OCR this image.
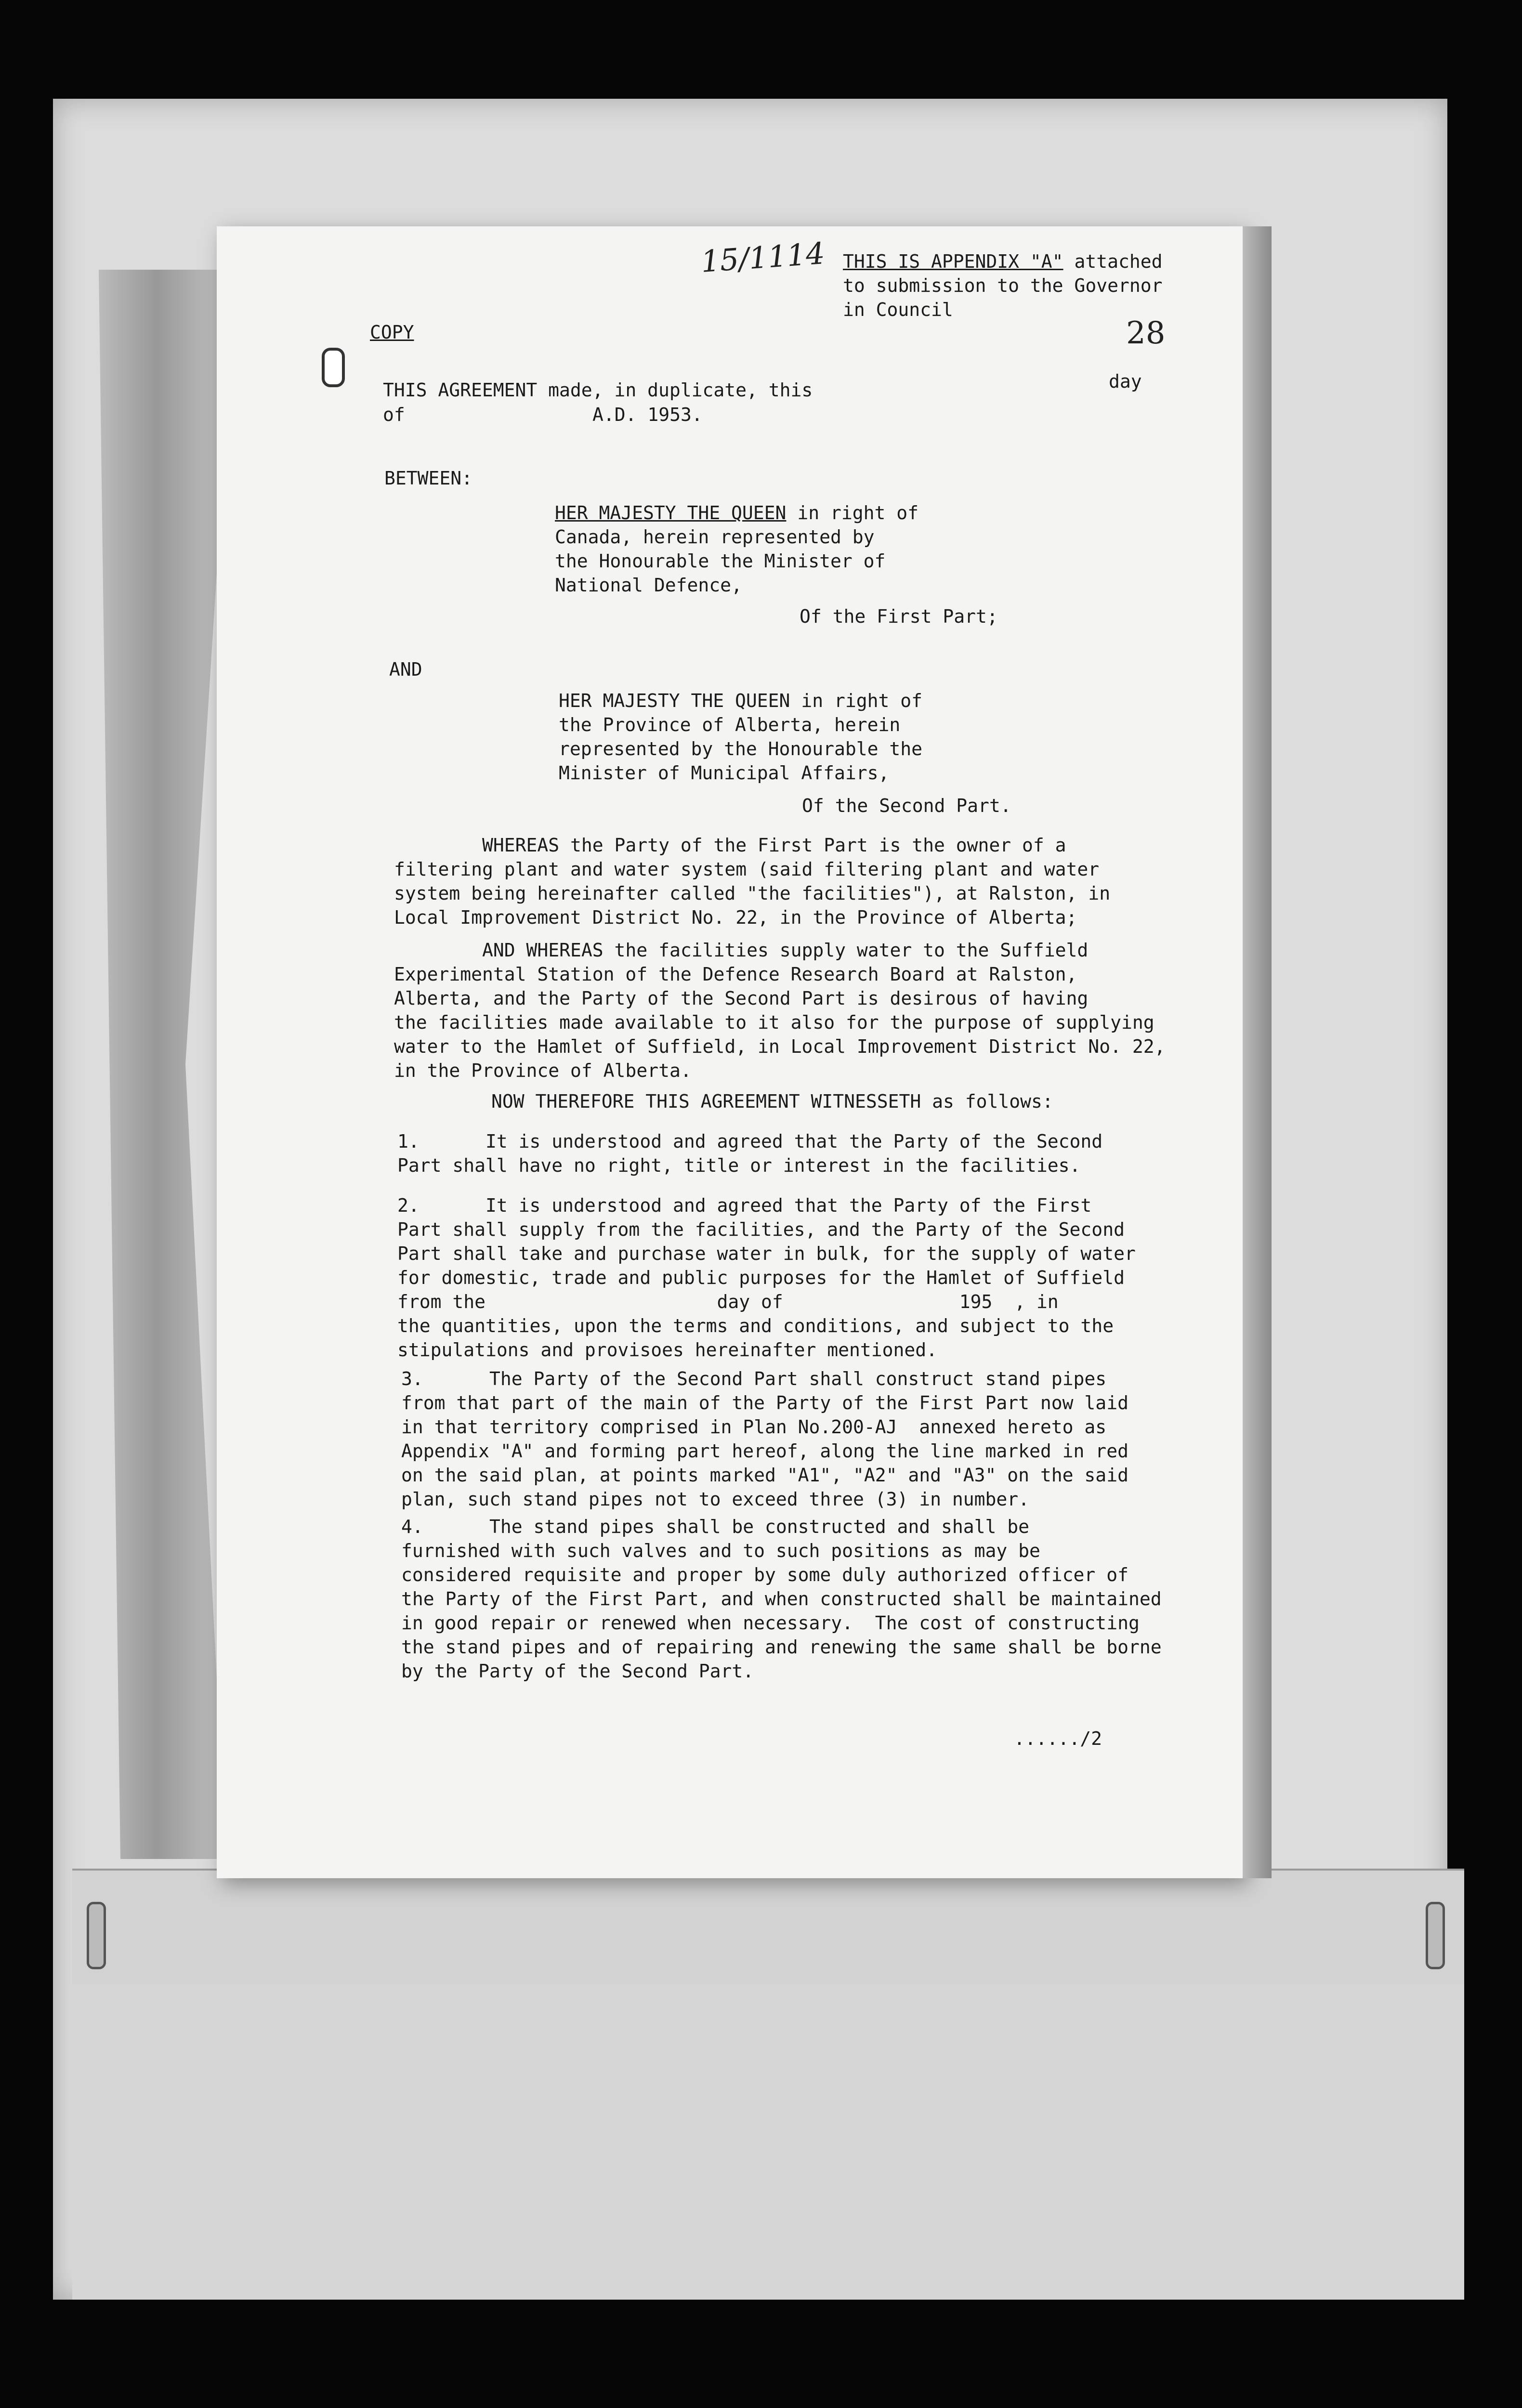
15/1114 THIS IS APPENDIX "A" attached
to submission to the Governor
in Council
COPY	28
day
THIS AGREEMENT made, in duplicate, this
of	A.D. 1953.
BETWEEN:
HER MAJESTY THE QUEEN in right of
Canada, herein represented by
the Honourable the Minister of
National Defence,
Of the First Part;
AND
HER MAJESTY THE QUEEN in right of
the Province of Alberta, herein
represented by the Honourable the
Minister of Municipal Affairs,
Of the Second Part.
WHEREAS the Party of the First Part is the owner of a
filtering plant and water system (said filtering plant and water
system being hereinafter called "the facilities"), at Ralston, in
Local Improvement District No. 22, in the Province of Alberta;
AND WHEREAS the facilities supply water to the Suffield
Experimental Station of the Defence Research Board at Ralston,
Alberta, and the Party of the Second Part is desirous of having
the facilities made available to it also for the purpose of supplying
water to the Hamlet of Suffield, in Local Improvement District No. 22,
in the Province of Alberta.
NOW THEREFORE THIS AGREEMENT WITNESSETH as follows:
1.      It is understood and agreed that the Party of the Second
Part shall have no right, title or interest in the facilities.
2.      It is understood and agreed that the Party of the First
Part shall supply from the facilities, and the Party of the Second
Part shall take and purchase water in bulk, for the supply of water
for domestic, trade and public purposes for the Hamlet of Suffield
from the                     day of                195  , in
the quantities, upon the terms and conditions, and subject to the
stipulations and provisoes hereinafter mentioned.
3.      The Party of the Second Part shall construct stand pipes
from that part of the main of the Party of the First Part now laid
in that territory comprised in Plan No.200-AJ  annexed hereto as
Appendix "A" and forming part hereof, along the line marked in red
on the said plan, at points marked "A1", "A2" and "A3" on the said
plan, such stand pipes not to exceed three (3) in number.
4.      The stand pipes shall be constructed and shall be
furnished with such valves and to such positions as may be
considered requisite and proper by some duly authorized officer of
the Party of the First Part, and when constructed shall be maintained
in good repair or renewed when necessary.  The cost of constructing
the stand pipes and of repairing and renewing the same shall be borne
by the Party of the Second Part.
....../2
